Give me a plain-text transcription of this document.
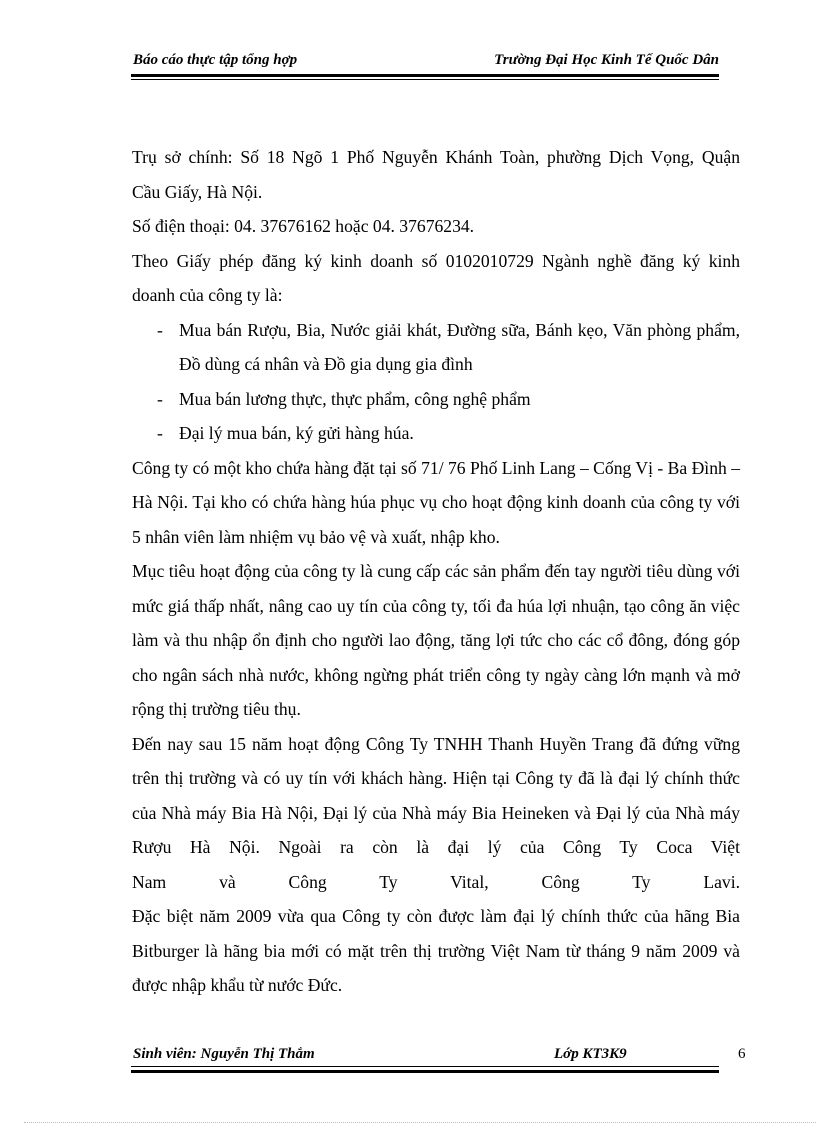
Báo cáo thực tập tổng hợp	Trường Đại Học Kinh Tế Quốc Dân

Trụ sở chính: Số 18 Ngõ 1 Phố Nguyễn Khánh Toàn, phường Dịch Vọng, Quận

Cầu Giấy, Hà Nội.

Số điện thoại: 04. 37676162 hoặc 04. 37676234.

Theo Giấy phép đăng ký kinh doanh số 0102010729 Ngành nghề đăng ký kinh

doanh của công ty là:

- Mua bán Rượu, Bia, Nước giải khát, Đường sữa, Bánh kẹo, Văn phòng phẩm, Đồ dùng cá nhân và Đồ gia dụng gia đình
- Mua bán lương thực, thực phẩm, công nghệ phẩm
- Đại lý mua bán, ký gửi hàng húa.

Công ty có một kho chứa hàng đặt tại số 71/ 76 Phố Linh Lang – Cống Vị - Ba Đình – Hà Nội. Tại kho có chứa hàng húa phục vụ cho hoạt động kinh doanh của công ty với 5 nhân viên làm nhiệm vụ bảo vệ và xuất, nhập kho.

Mục tiêu hoạt động của công ty là cung cấp các sản phẩm đến tay người tiêu dùng với mức giá thấp nhất, nâng cao uy tín của công ty, tối đa húa lợi nhuận, tạo công ăn việc làm và thu nhập ổn định cho người lao động, tăng lợi tức cho các cổ đông, đóng góp cho ngân sách nhà nước, không ngừng phát triển công ty ngày càng lớn mạnh và mở rộng thị trường tiêu thụ.

Đến nay sau 15 năm hoạt động Công Ty TNHH Thanh Huyền Trang đã đứng vững trên thị trường và có uy tín với khách hàng. Hiện tại Công ty đã là đại lý chính thức của Nhà máy Bia Hà Nội, Đại lý của Nhà máy Bia Heineken và Đại lý của Nhà máy Rượu Hà Nội. Ngoài ra còn là đại lý của Công Ty Coca Việt

Nam và Công Ty Vital, Công Ty Lavi.

Đặc biệt năm 2009 vừa qua Công ty còn được làm đại lý chính thức của hãng Bia Bitburger là hãng bia mới có mặt trên thị trường Việt Nam từ tháng 9 năm 2009 và được nhập khẩu từ nước Đức.

Sinh viên: Nguyễn Thị Thắm	Lớp KT3K9	6
